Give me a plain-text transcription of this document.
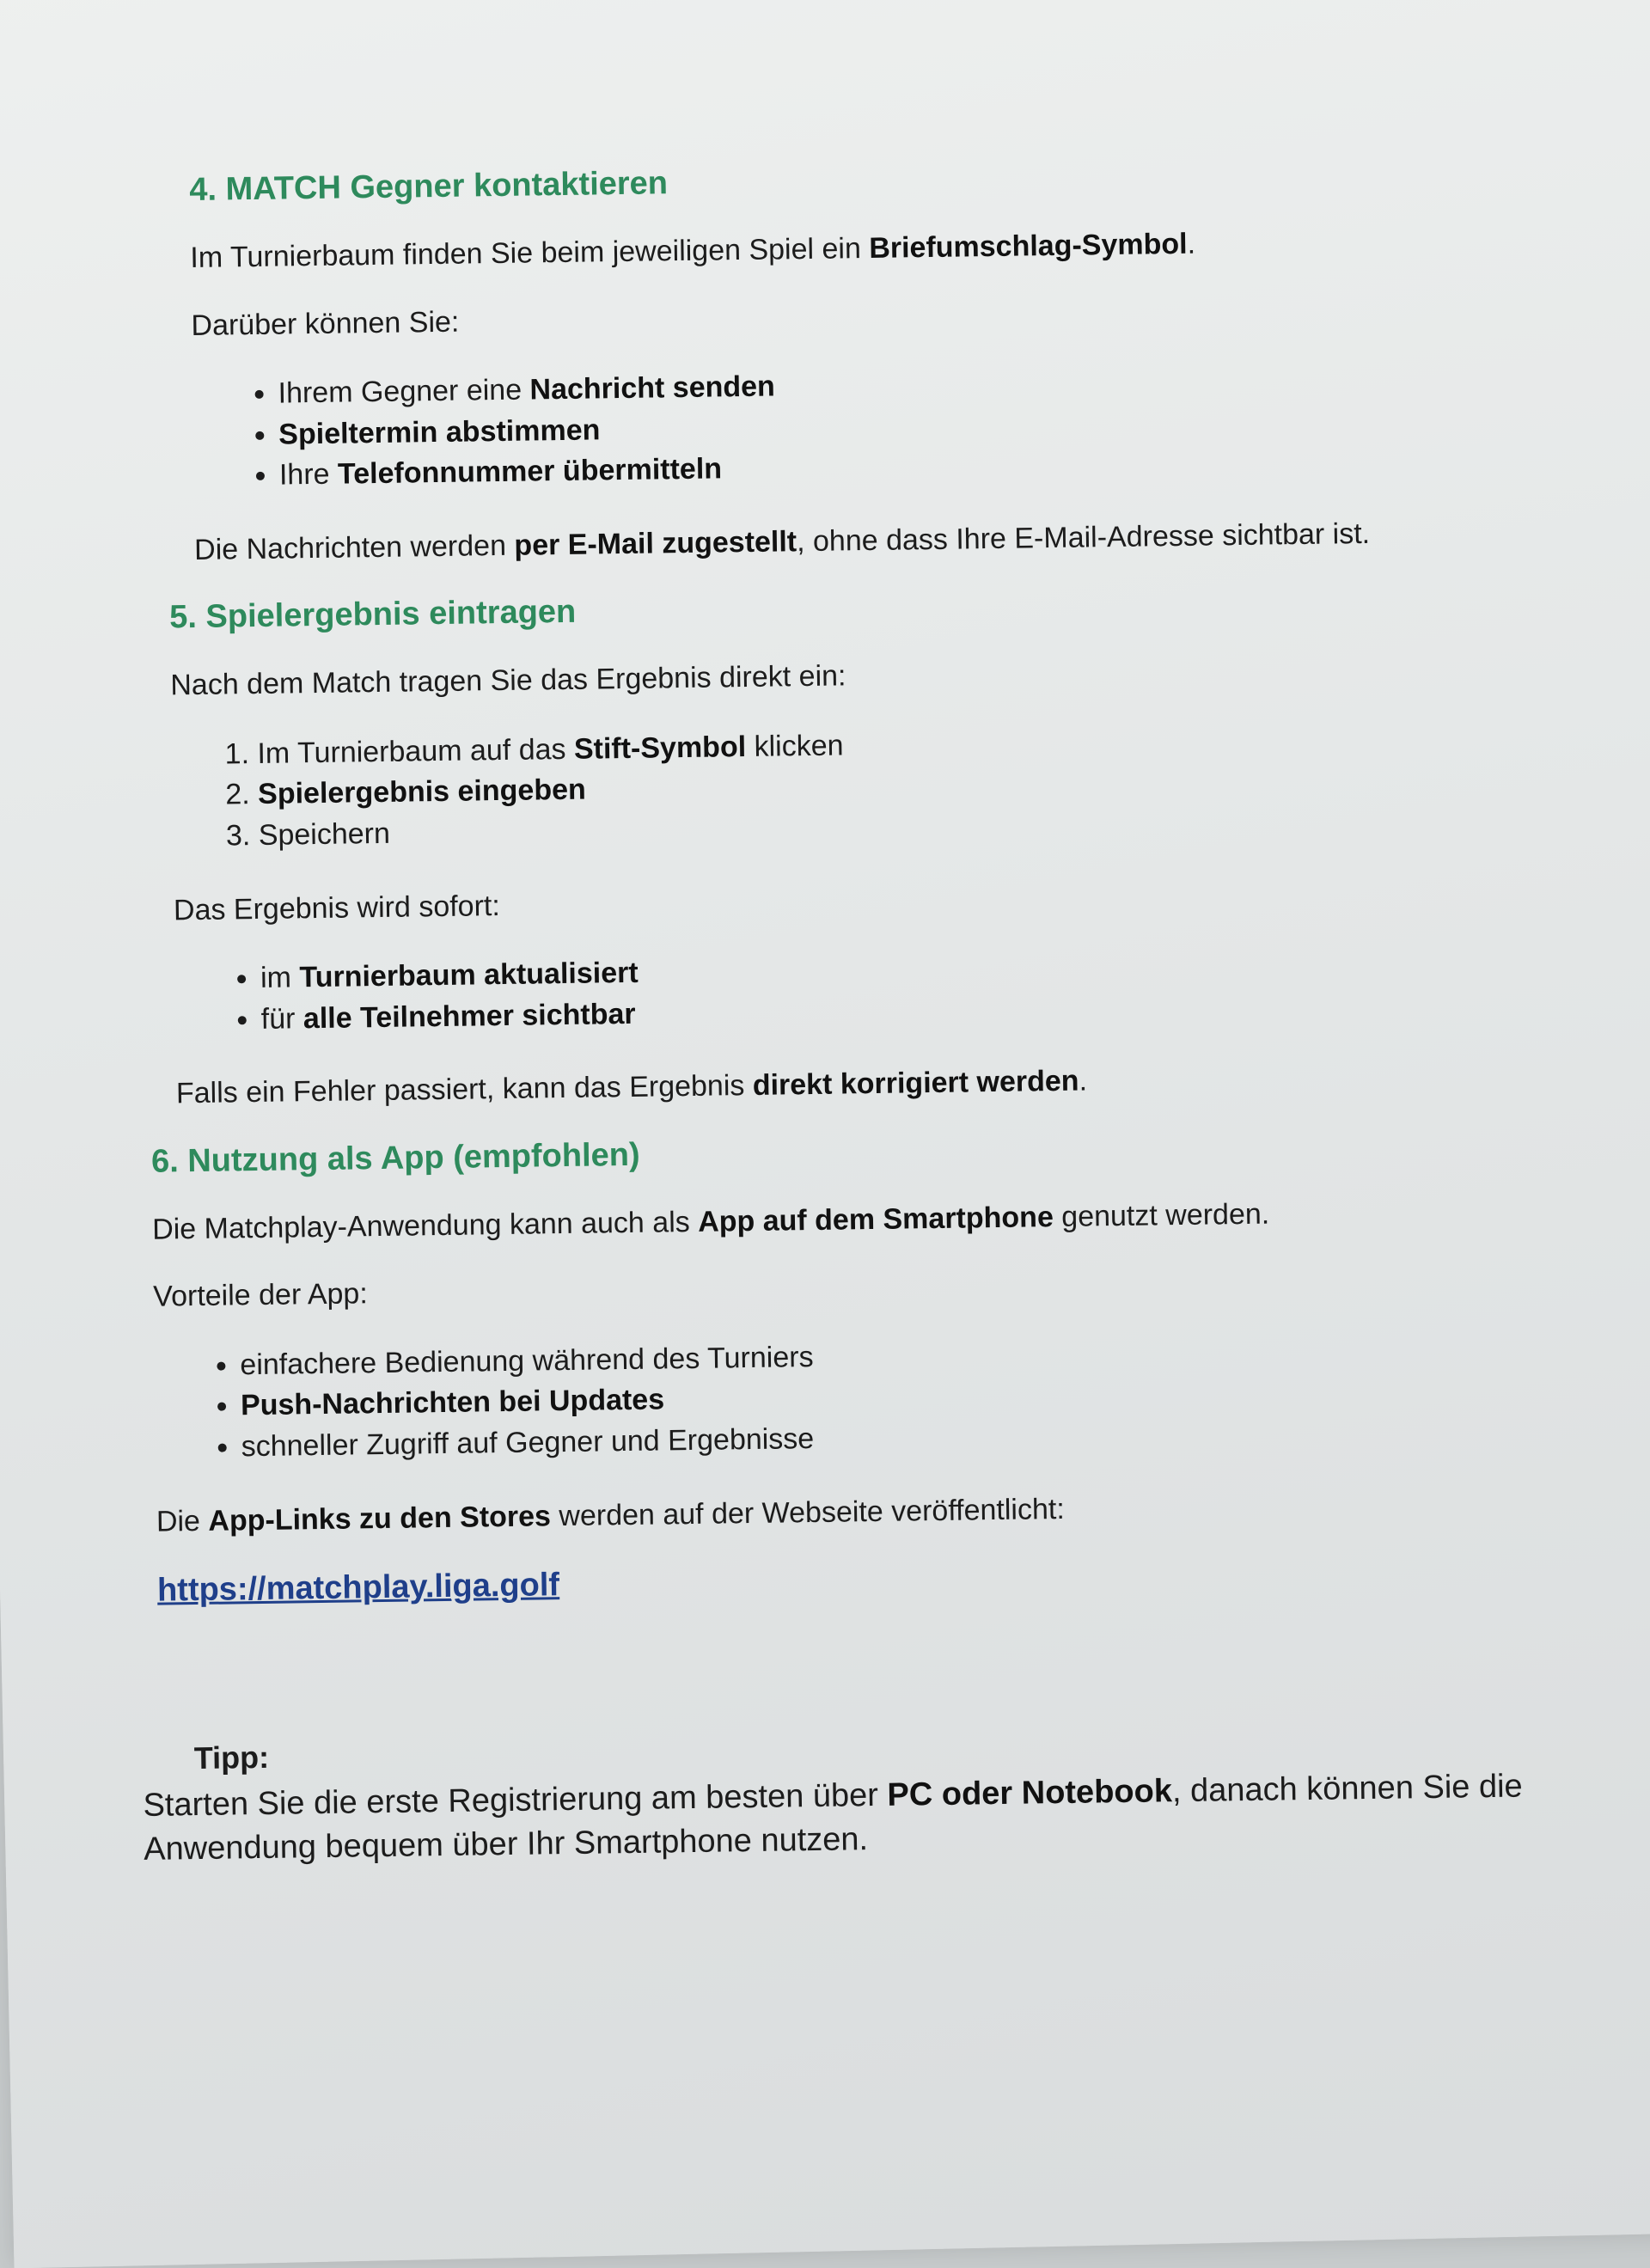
4. MATCH Gegner kontaktieren

Im Turnierbaum finden Sie beim jeweiligen Spiel ein Briefumschlag-Symbol.

Darüber können Sie:

• Ihrem Gegner eine Nachricht senden
• Spieltermin abstimmen
• Ihre Telefonnummer übermitteln

Die Nachrichten werden per E-Mail zugestellt, ohne dass Ihre E-Mail-Adresse sichtbar ist.

5. Spielergebnis eintragen

Nach dem Match tragen Sie das Ergebnis direkt ein:

1. Im Turnierbaum auf das Stift-Symbol klicken
2. Spielergebnis eingeben
3. Speichern

Das Ergebnis wird sofort:

• im Turnierbaum aktualisiert
• für alle Teilnehmer sichtbar

Falls ein Fehler passiert, kann das Ergebnis direkt korrigiert werden.

6. Nutzung als App (empfohlen)

Die Matchplay-Anwendung kann auch als App auf dem Smartphone genutzt werden.

Vorteile der App:

• einfachere Bedienung während des Turniers
• Push-Nachrichten bei Updates
• schneller Zugriff auf Gegner und Ergebnisse

Die App-Links zu den Stores werden auf der Webseite veröffentlicht:

https://matchplay.liga.golf

Tipp:

Starten Sie die erste Registrierung am besten über PC oder Notebook, danach können Sie die Anwendung bequem über Ihr Smartphone nutzen.
